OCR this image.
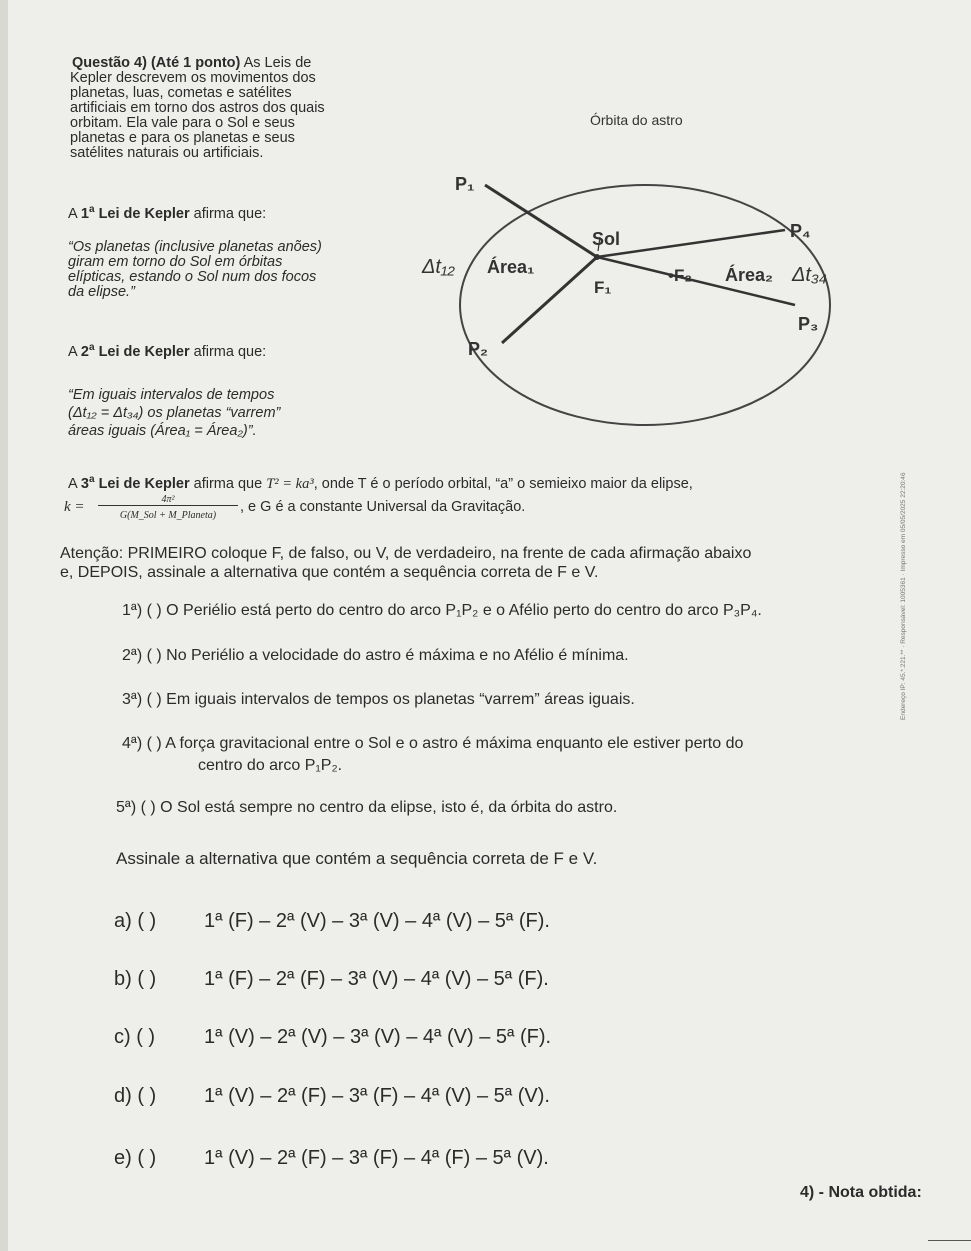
Questão 4) (Até 1 ponto) As Leis de
Kepler descrevem os movimentos dos
planetas, luas, cometas e satélites
artificiais em torno dos astros dos quais
orbitam. Ela vale para o Sol e seus
planetas e para os planetas e seus
satélites naturais ou artificiais.
A 1$^a$ Lei de Kepler afirma que:
“Os planetas (inclusive planetas anões)
giram em torno do Sol em órbitas
elípticas, estando o Sol num dos focos
da elipse.”
A 2$^a$ Lei de Kepler afirma que:
“Em iguais intervalos de tempos
(Δt₁₂ = Δt₃₄) os planetas “varrem”
áreas iguais (Área₁ = Área₂)”.
A 3$^a$ Lei de Kepler afirma que T² = ka³, onde T é o período orbital, “a” o semieixo maior da elipse,
k =	4π²
G(M_Sol + M_Planeta)
, e G é a constante Universal da Gravitação.
Órbita do astro
P₁
P₂
P₃
P₄
Sol
F₁
•F₂
Área₁	Área₂
Δt₁₂	Δt₃₄
Atenção: PRIMEIRO coloque F, de falso, ou V, de verdadeiro, na frente de cada afirmação abaixo
e, DEPOIS, assinale a alternativa que contém a sequência correta de F e V.
1ª) ( ) O Periélio está perto do centro do arco P₁P₂ e o Afélio perto do centro do arco P₃P₄.
2ª) ( ) No Periélio a velocidade do astro é máxima e no Afélio é mínima.
3ª) ( ) Em iguais intervalos de tempos os planetas “varrem” áreas iguais.
4ª) ( ) A força gravitacional entre o Sol e o astro é máxima enquanto ele estiver perto do
centro do arco P₁P₂.
5ª) ( ) O Sol está sempre no centro da elipse, isto é, da órbita do astro.
Assinale a alternativa que contém a sequência correta de F e V.
a) ( ) 1ª (F) – 2ª (V) – 3ª (V) – 4ª (V) – 5ª (F).
b) ( ) 1ª (F) – 2ª (F) – 3ª (V) – 4ª (V) – 5ª (F).
c) ( ) 1ª (V) – 2ª (V) – 3ª (V) – 4ª (V) – 5ª (F).
d) ( ) 1ª (V) – 2ª (F) – 3ª (F) – 4ª (V) – 5ª (V).
e) ( ) 1ª (V) – 2ª (F) – 3ª (F) – 4ª (F) – 5ª (V).
4) - Nota obtida:
Endereço IP: 45.*.221.** · Responsável: 1005361 · Impresso em 05/05/2025 22:20:46
